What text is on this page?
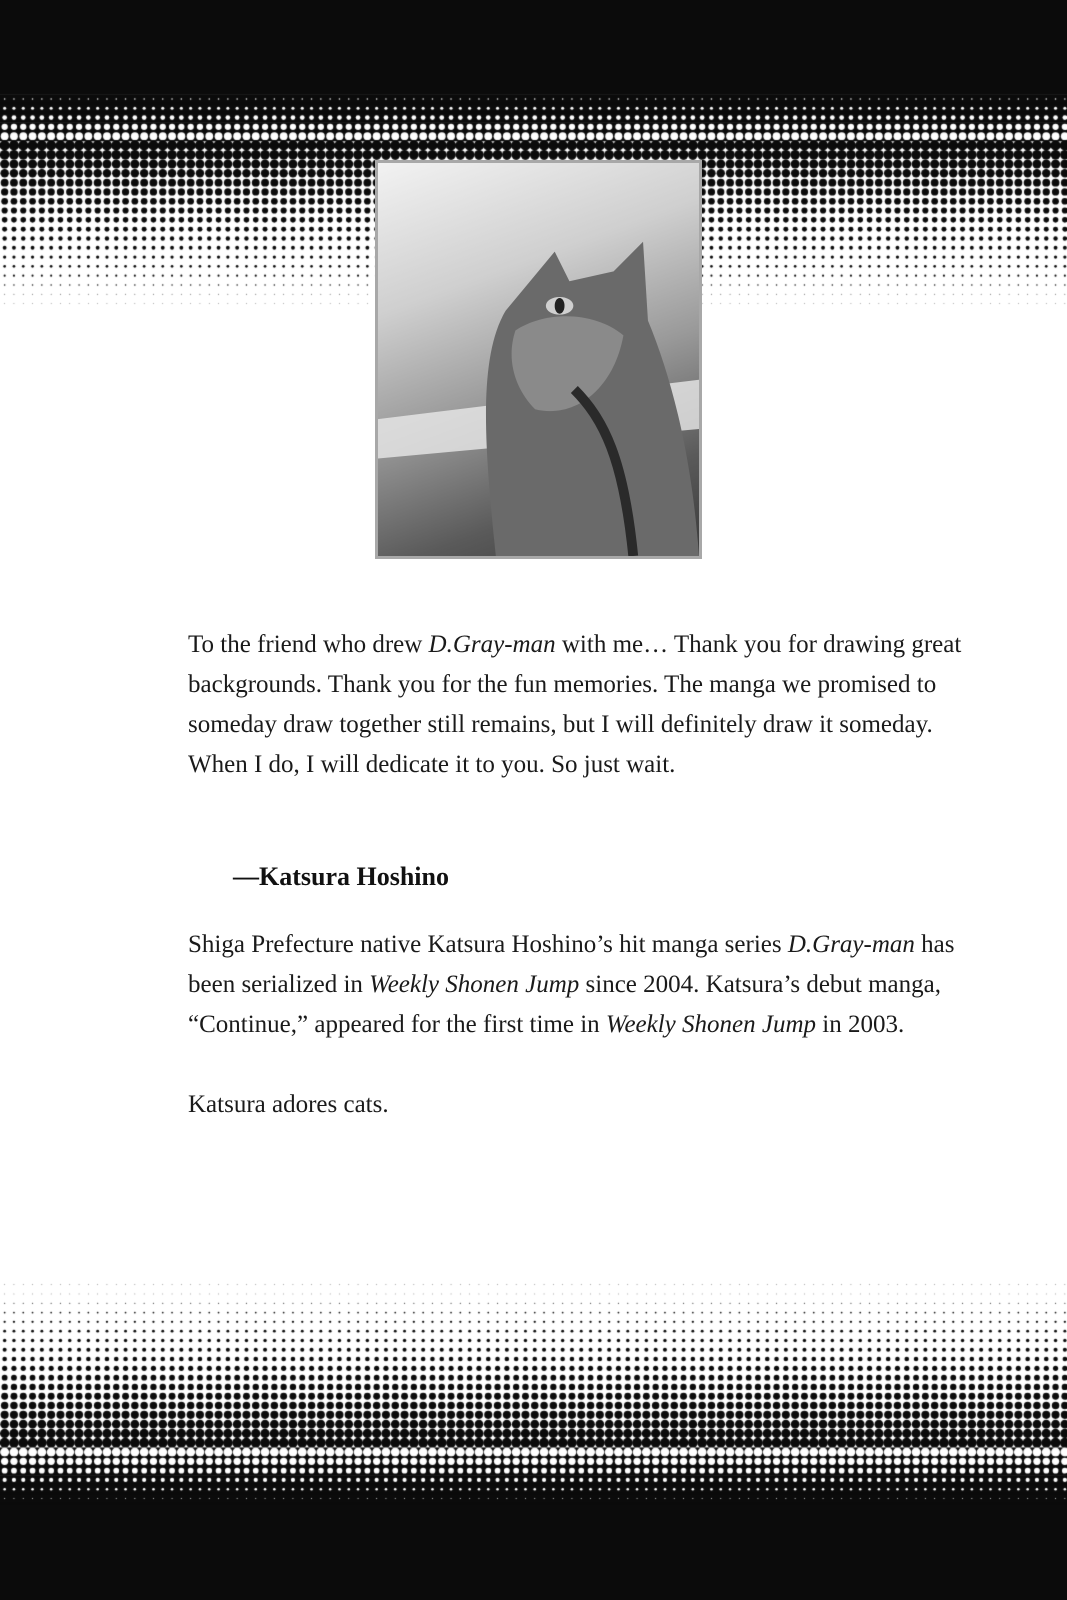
To the friend who drew D.Gray-man with me… Thank you for drawing great backgrounds. Thank you for the fun memories. The manga we promised to someday draw together still remains, but I will definitely draw it someday. When I do, I will dedicate it to you. So just wait.

—Katsura Hoshino

Shiga Prefecture native Katsura Hoshino’s hit manga series D.Gray-man has been serialized in Weekly Shonen Jump since 2004. Katsura’s debut manga, “Continue,” appeared for the first time in Weekly Shonen Jump in 2003.

Katsura adores cats.
